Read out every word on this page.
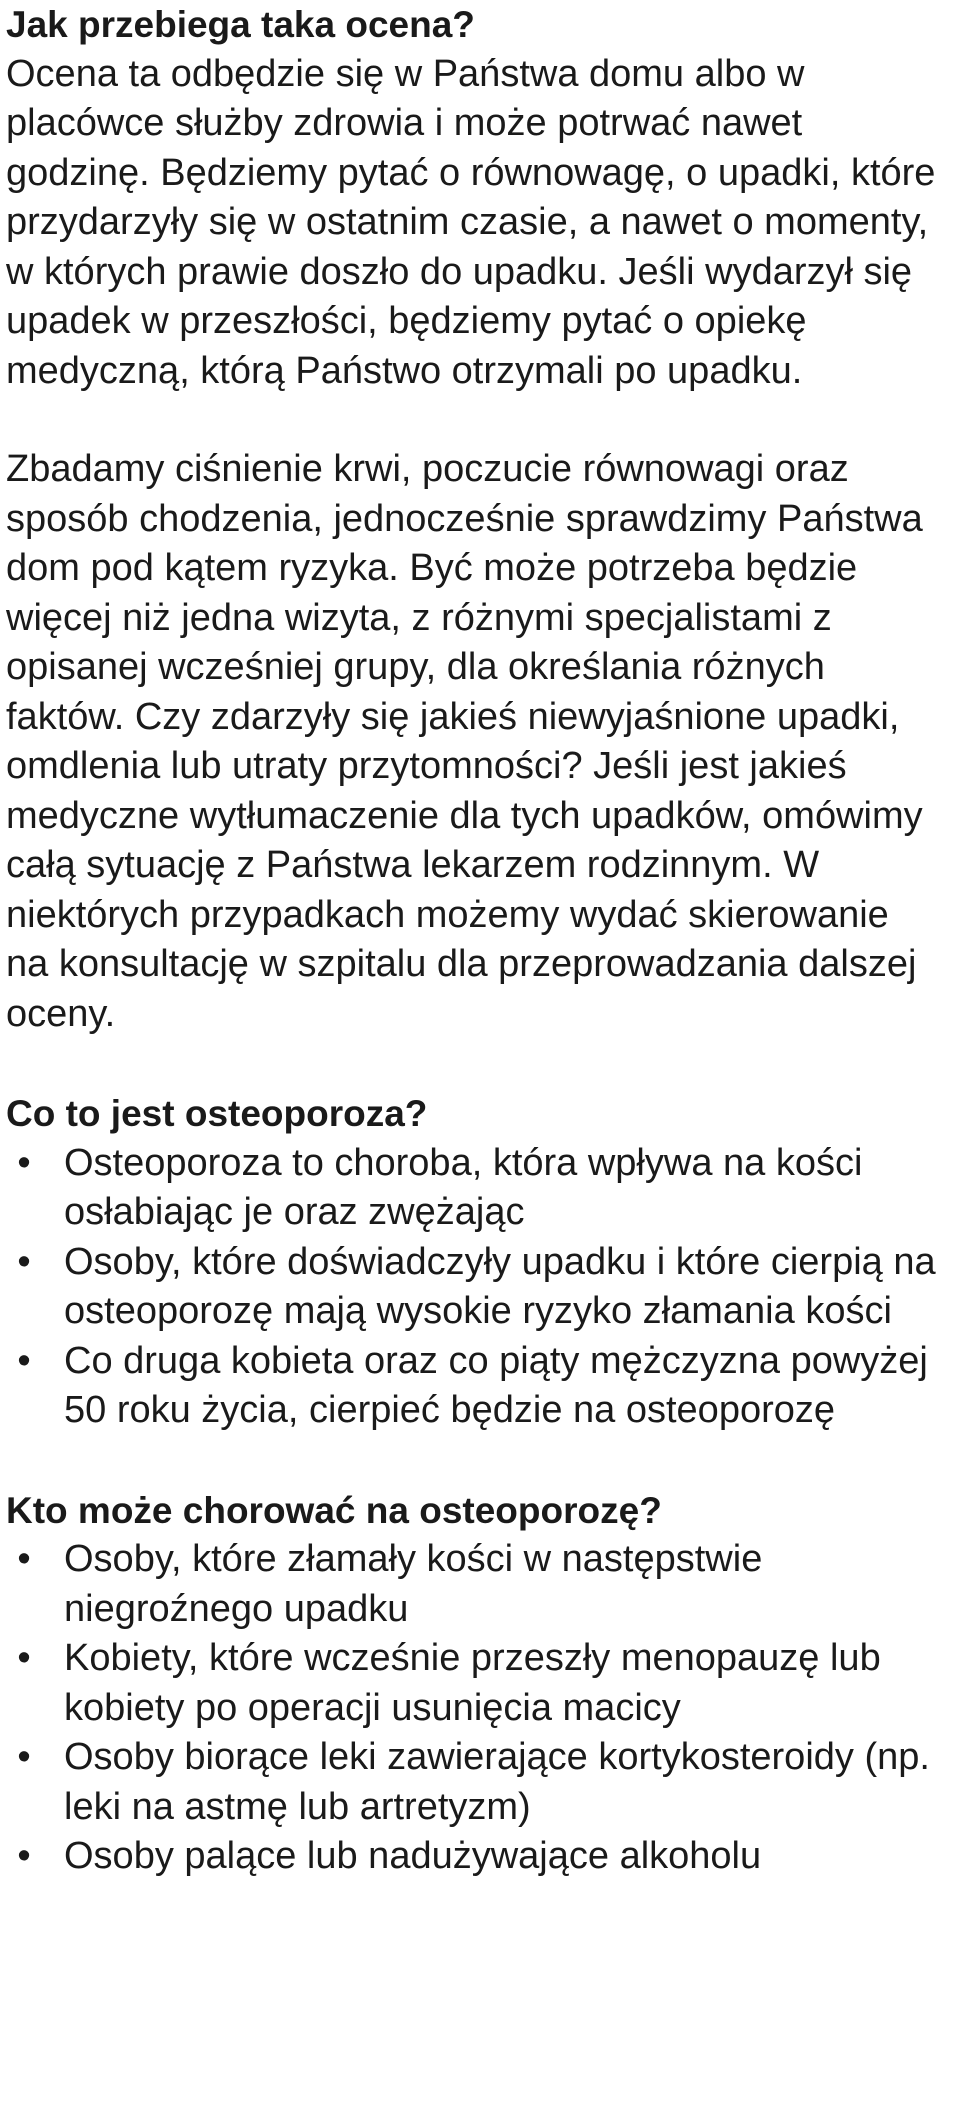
Jak przebiega taka ocena?

Ocena ta odbędzie się w Państwa domu albo w placówce służby zdrowia i może potrwać nawet godzinę. Będziemy pytać o równowagę, o upadki, które przydarzyły się w ostatnim czasie, a nawet o momenty, w których prawie doszło do upadku. Jeśli wydarzył się upadek w przeszłości, będziemy pytać o opiekę medyczną, którą Państwo otrzymali po upadku.

Zbadamy ciśnienie krwi, poczucie równowagi oraz sposób chodzenia, jednocześnie sprawdzimy Państwa dom pod kątem ryzyka. Być może potrzeba będzie więcej niż jedna wizyta, z różnymi specjalistami z opisanej wcześniej grupy, dla określania różnych faktów. Czy zdarzyły się jakieś niewyjaśnione upadki, omdlenia lub utraty przytomności? Jeśli jest jakieś medyczne wytłumaczenie dla tych upadków, omówimy całą sytuację z Państwa lekarzem rodzinnym. W niektórych przypadkach możemy wydać skierowanie na konsultację w szpitalu dla przeprowadzania dalszej oceny.

Co to jest osteoporoza?

• Osteoporoza to choroba, która wpływa na kości osłabiając je oraz zwężając
• Osoby, które doświadczyły upadku i które cierpią na osteoporozę mają wysokie ryzyko złamania kości
• Co druga kobieta oraz co piąty mężczyzna powyżej 50 roku życia, cierpieć będzie na osteoporozę

Kto może chorować na osteoporozę?

• Osoby, które złamały kości w następstwie niegroźnego upadku
• Kobiety, które wcześnie przeszły menopauzę lub kobiety po operacji usunięcia macicy
• Osoby biorące leki zawierające kortykosteroidy (np. leki na astmę lub artretyzm)
• Osoby palące lub nadużywające alkoholu
